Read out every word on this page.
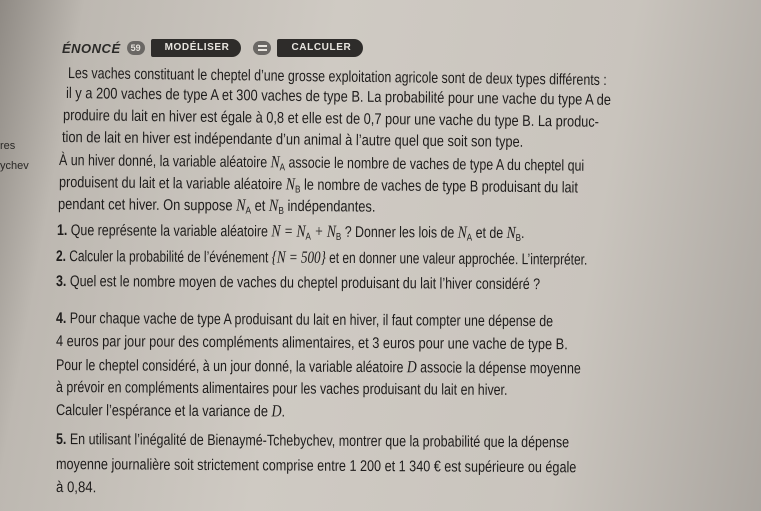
res
ychev
ÉNONCÉ	59	MODÉLISER	CALCULER
Les vaches constituant le cheptel d’une grosse exploitation agricole sont de deux types différents :
il y a 200 vaches de type A et 300 vaches de type B. La probabilité pour une vache du type A de
produire du lait en hiver est égale à 0,8 et elle est de 0,7 pour une vache du type B. La produc-
tion de lait en hiver est indépendante d’un animal à l’autre quel que soit son type.
À un hiver donné, la variable aléatoire $N_A$ associe le nombre de vaches de type A du cheptel qui
produisent du lait et la variable aléatoire $N_B$ le nombre de vaches de type B produisant du lait
pendant cet hiver. On suppose $N_A$ et $N_B$ indépendantes.
1. Que représente la variable aléatoire $N = N_A + N_B$ ? Donner les lois de $N_A$ et de $N_B$.
2. Calculer la probabilité de l’événement {N = 500} et en donner une valeur approchée. L’interpréter.
3. Quel est le nombre moyen de vaches du cheptel produisant du lait l’hiver considéré ?
4. Pour chaque vache de type A produisant du lait en hiver, il faut compter une dépense de
4 euros par jour pour des compléments alimentaires, et 3 euros pour une vache de type B.
Pour le cheptel considéré, à un jour donné, la variable aléatoire D associe la dépense moyenne
à prévoir en compléments alimentaires pour les vaches produisant du lait en hiver.
Calculer l’espérance et la variance de D.
5. En utilisant l’inégalité de Bienaymé-Tchebychev, montrer que la probabilité que la dépense
moyenne journalière soit strictement comprise entre 1 200 et 1 340 € est supérieure ou égale
à 0,84.
